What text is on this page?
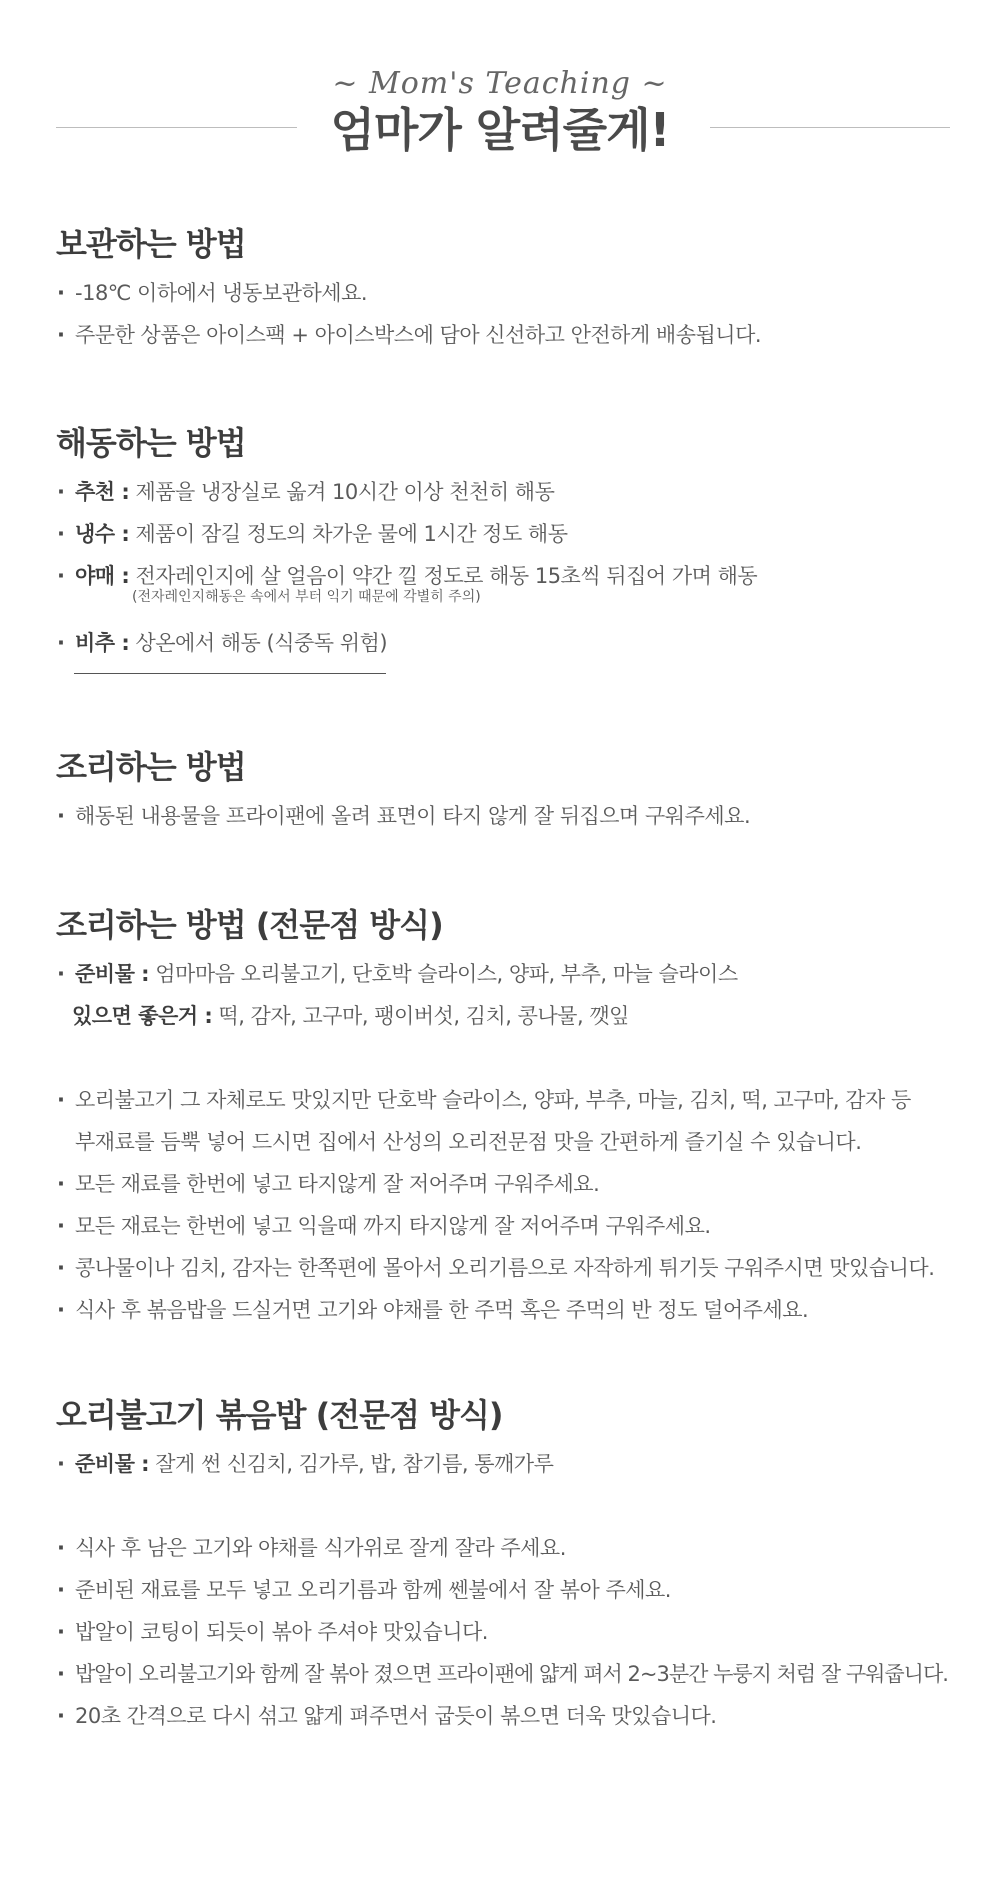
~ Mom's Teaching ~
엄마가 알려줄게!
보관하는 방법
· -18℃ 이하에서 냉동보관하세요.
· 주문한 상품은 아이스팩 + 아이스박스에 담아 신선하고 안전하게 배송됩니다.
해동하는 방법
· 추천 : 제품을 냉장실로 옮겨 10시간 이상 천천히 해동
· 냉수 : 제품이 잠길 정도의 차가운 물에 1시간 정도 해동
· 야매 : 전자레인지에 살 얼음이 약간 낄 정도로 해동 15초씩 뒤집어 가며 해동
(전자레인지해동은 속에서 부터 익기 때문에 각별히 주의)
· 비추 : 상온에서 해동 (식중독 위험)
조리하는 방법
· 해동된 내용물을 프라이팬에 올려 표면이 타지 않게 잘 뒤집으며 구워주세요.
조리하는 방법 (전문점 방식)
· 준비물 : 엄마마음 오리불고기, 단호박 슬라이스, 양파, 부추, 마늘 슬라이스
있으면 좋은거 : 떡, 감자, 고구마, 팽이버섯, 김치, 콩나물, 깻잎
· 오리불고기 그 자체로도 맛있지만 단호박 슬라이스, 양파, 부추, 마늘, 김치, 떡, 고구마, 감자 등
부재료를 듬뿍 넣어 드시면 집에서 산성의 오리전문점 맛을 간편하게 즐기실 수 있습니다.
· 모든 재료를 한번에 넣고 타지않게 잘 저어주며 구워주세요.
· 모든 재료는 한번에 넣고 익을때 까지 타지않게 잘 저어주며 구워주세요.
· 콩나물이나 김치, 감자는 한쪽편에 몰아서 오리기름으로 자작하게 튀기듯 구워주시면 맛있습니다.
· 식사 후 볶음밥을 드실거면 고기와 야채를 한 주먹 혹은 주먹의 반 정도 덜어주세요.
오리불고기 볶음밥 (전문점 방식)
· 준비물 : 잘게 썬 신김치, 김가루, 밥, 참기름, 통깨가루
· 식사 후 남은 고기와 야채를 식가위로 잘게 잘라 주세요.
· 준비된 재료를 모두 넣고 오리기름과 함께 쎈불에서 잘 볶아 주세요.
· 밥알이 코팅이 되듯이 볶아 주셔야 맛있습니다.
· 밥알이 오리불고기와 함께 잘 볶아 졌으면 프라이팬에 얇게 펴서 2~3분간 누룽지 처럼 잘 구워줍니다.
· 20초 간격으로 다시 섞고 얇게 펴주면서 굽듯이 볶으면 더욱 맛있습니다.
